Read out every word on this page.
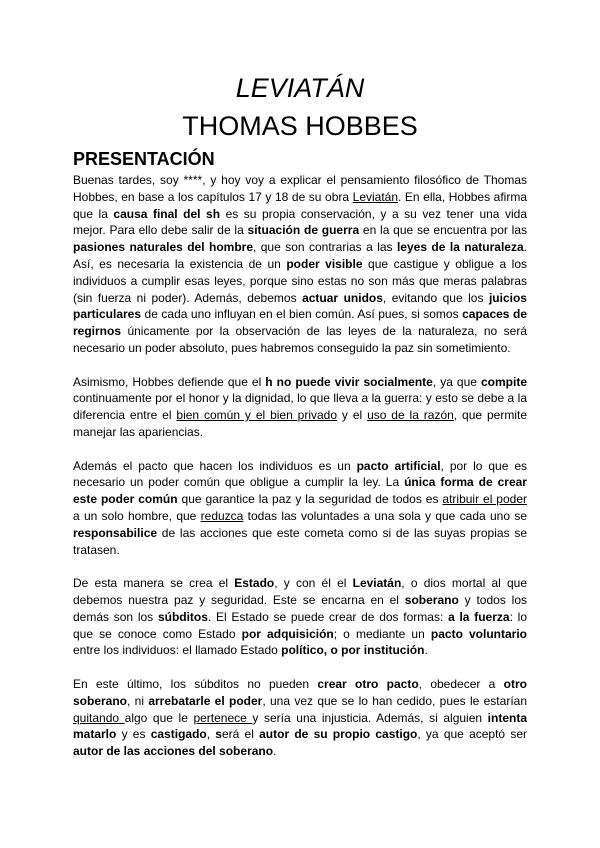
LEVIATÁN
THOMAS HOBBES
PRESENTACIÓN

Buenas tardes, soy ****, y hoy voy a explicar el pensamiento filosófico de Thomas Hobbes, en base a los capítulos 17 y 18 de su obra Leviatán. En ella, Hobbes afirma que la causa final del sh es su propia conservación, y a su vez tener una vida mejor. Para ello debe salir de la situación de guerra en la que se encuentra por las pasiones naturales del hombre, que son contrarias a las leyes de la naturaleza. Así, es necesaria la existencia de un poder visible que castigue y obligue a los individuos a cumplir esas leyes, porque sino estas no son más que meras palabras (sin fuerza ni poder). Además, debemos actuar unidos, evitando que los juicios particulares de cada uno influyan en el bien común. Así pues, si somos capaces de regirnos únicamente por la observación de las leyes de la naturaleza, no será necesario un poder absoluto, pues habremos conseguido la paz sin sometimiento.

Asimismo, Hobbes defiende que el h no puede vivir socialmente, ya que compite continuamente por el honor y la dignidad, lo que lleva a la guerra: y esto se debe a la diferencia entre el bien común y el bien privado y el uso de la razón, que permite manejar las apariencias.

Además el pacto que hacen los individuos es un pacto artificial, por lo que es necesario un poder común que obligue a cumplir la ley. La única forma de crear este poder común que garantice la paz y la seguridad de todos es atribuir el poder a un solo hombre, que reduzca todas las voluntades a una sola y que cada uno se responsabilice de las acciones que este cometa como si de las suyas propias se tratasen.

De esta manera se crea el Estado, y con él el Leviatán, o dios mortal al que debemos nuestra paz y seguridad. Este se encarna en el soberano y todos los demás son los súbditos. El Estado se puede crear de dos formas: a la fuerza: lo que se conoce como Estado por adquisición; o mediante un pacto voluntario entre los individuos: el llamado Estado político, o por institución.

En este último, los súbditos no pueden crear otro pacto, obedecer a otro soberano, ni arrebatarle el poder, una vez que se lo han cedido, pues le estarían quitando algo que le pertenece y sería una injusticia. Además, si alguien intenta matarlo y es castigado, será el autor de su propio castigo, ya que aceptó ser autor de las acciones del soberano.
